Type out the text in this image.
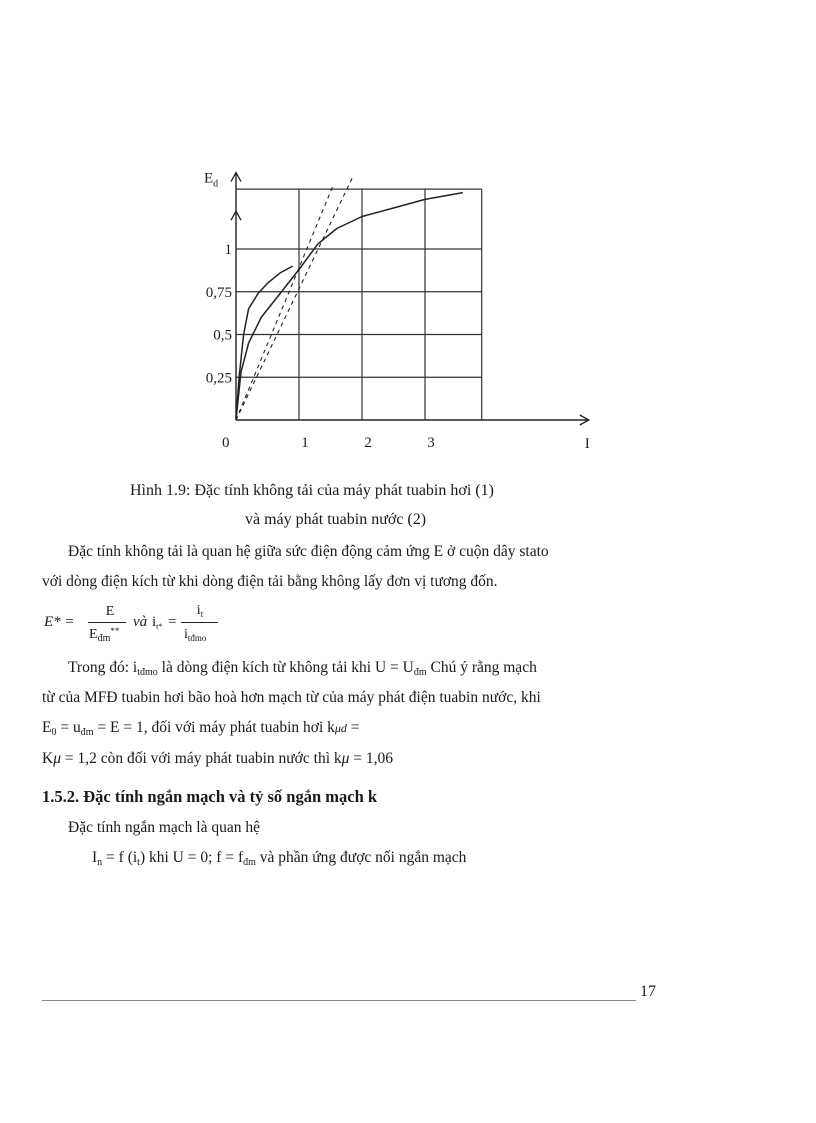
$E_d$
I
0	1	2	3
0,25
0,5
0,75
1
Hình 1.9: Đặc tính không tải của máy phát tuabin hơi (1)
và máy phát tuabin nước (2)
Đặc tính không tải là quan hệ giữa sức điện động cảm ứng E ở cuộn dây stato
với dòng điện kích từ khi dòng điện tải bằng không lấy đơn vị tương đốn.
E* =
E
$E_{đm}^{**}$
và $i_{t*}$ =
$i_t$
$i_{tđmo}$
Trong đó: $i_{tđmo}$ là dòng điện kích từ không tải khi $U = U_{đm}$ Chú ý rằng mạch
từ của MFĐ tuabin hơi bão hoà hơn mạch từ của máy phát điện tuabin nước, khi
$E_0 = u_{đm} = E = 1$, đối với máy phát tuabin hơi kμd =
Kμ = 1,2 còn đối với máy phát tuabin nước thì kμ = 1,06
1.5.2. Đặc tính ngắn mạch và tỷ số ngắn mạch k
Đặc tính ngắn mạch là quan hệ
$I_n = f$ $(i_t)$ khi U = 0; $f = f_{đm}$ và phần ứng được nối ngắn mạch
17
